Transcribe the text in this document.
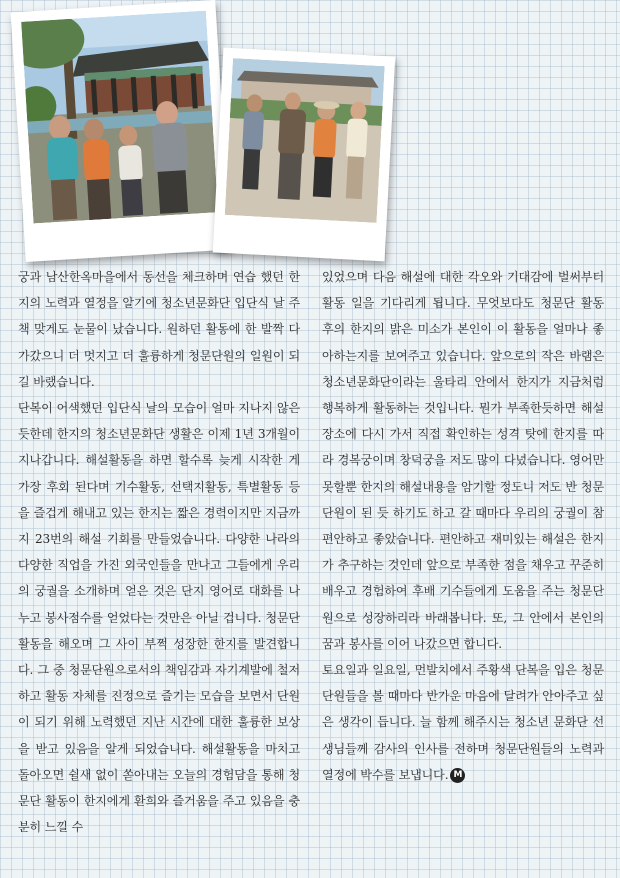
궁과 남산한옥마을에서 동선을 체크하며 연습 했던 한지의 노력과 열정을 알기에 청소년문화단 입단식 날 주책 맞게도 눈물이 났습니다. 원하던 활동에 한 발짝 다가갔으니 더 멋지고 더 훌륭하게 청문단원의 일원이 되길 바랬습니다.

단복이 어색했던 입단식 날의 모습이 얼마 지나지 않은 듯한데 한지의 청소년문화단 생활은 이제 1년 3개월이 지나갑니다. 해설활동을 하면 할수록 늦게 시작한 게 가장 후회 된다며 기수활동, 선택지활동, 특별활동 등을 즐겁게 해내고 있는 한지는 짧은 경력이지만 지금까지 23번의 해설 기회를 만들었습니다. 다양한 나라의 다양한 직업을 가진 외국인들을 만나고 그들에게 우리의 궁궐을 소개하며 얻은 것은 단지 영어로 대화를 나누고 봉사점수를 얻었다는 것만은 아닐 겁니다. 청문단 활동을 해오며 그 사이 부쩍 성장한 한지를 발견합니다. 그 중 청문단원으로서의 책임감과 자기계발에 철저하고 활동 자체를 진정으로 즐기는 모습을 보면서 단원이 되기 위해 노력했던 지난 시간에 대한 훌륭한 보상을 받고 있음을 알게 되었습니다. 해설활동을 마치고 돌아오면 쉴새 없이 쏟아내는 오늘의 경험담을 통해 청문단 활동이 한지에게 환희와 즐거움을 주고 있음을 충분히 느낄 수

있었으며 다음 해설에 대한 각오와 기대감에 벌써부터 활동 일을 기다리게 됩니다. 무엇보다도 청문단 활동 후의 한지의 밝은 미소가 본인이 이 활동을 얼마나 좋아하는지를 보여주고 있습니다. 앞으로의 작은 바램은 청소년문화단이라는 울타리 안에서 한지가 지금처럼 행복하게 활동하는 것입니다. 뭔가 부족한듯하면 해설 장소에 다시 가서 직접 확인하는 성격 탓에 한지를 따라 경복궁이며 창덕궁을 저도 많이 다녔습니다. 영어만 못할뿐 한지의 해설내용을 암기할 정도니 저도 반 청문단원이 된 듯 하기도 하고 갈 때마다 우리의 궁궐이 참 편안하고 좋았습니다. 편안하고 재미있는 해설은 한지가 추구하는 것인데 앞으로 부족한 점을 채우고 꾸준히 배우고 경험하여 후배 기수들에게 도움을 주는 청문단원으로 성장하리라 바래봅니다. 또, 그 안에서 본인의 꿈과 봉사를 이어 나갔으면 합니다.

토요일과 일요일, 먼발치에서 주황색 단복을 입은 청문단원들을 볼 때마다 반가운 마음에 달려가 안아주고 싶은 생각이 듭니다. 늘 함께 해주시는 청소년 문화단 선생님들께 감사의 인사를 전하며 청문단원들의 노력과 열정에 박수를 보냅니다. M
